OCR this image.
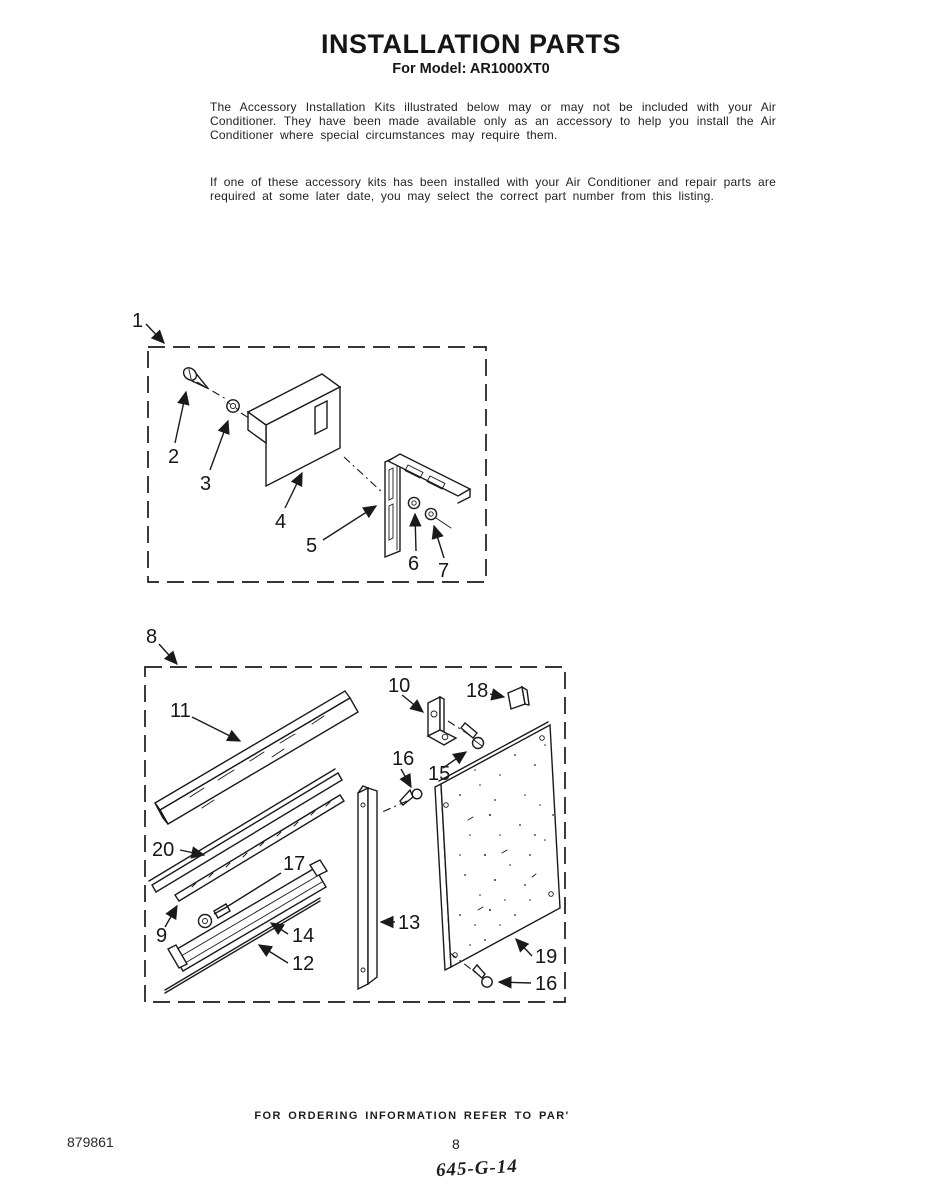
INSTALLATION PARTS
For Model: AR1000XT0
The Accessory Installation Kits illustrated below may or may not be included with your Air Conditioner. They have been made available only as an accessory to help you install the Air Conditioner where special circumstances may require them.
If one of these accessory kits has been installed with your Air Conditioner and repair parts are required at some later date, you may select the correct part number from this listing.
1
2
3
4
5
6 7
8
11
20
9
17
14
12
13
10
15
16
18
19
16
FOR ORDERING INFORMATION REFER TO PAR'
879861	8
645-G-14
